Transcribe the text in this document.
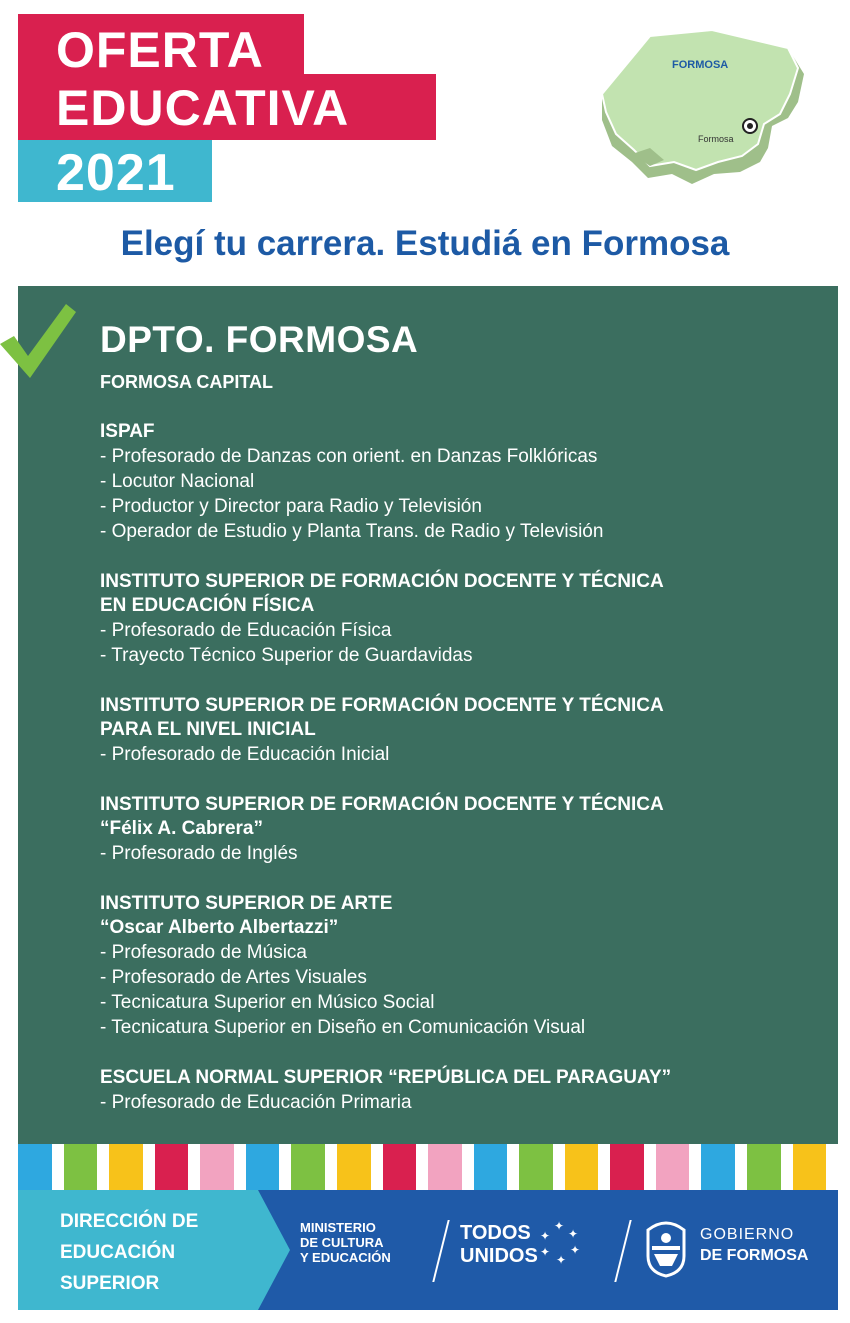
OFERTA
EDUCATIVA
2021
FORMOSA
Formosa
Elegí tu carrera. Estudiá en Formosa
DPTO. FORMOSA
FORMOSA CAPITAL
ISPAF
- Profesorado de Danzas con orient. en Danzas Folklóricas
- Locutor Nacional
- Productor y Director para Radio y Televisión
- Operador de Estudio y Planta Trans. de Radio y Televisión
INSTITUTO SUPERIOR DE FORMACIÓN DOCENTE Y TÉCNICA
EN EDUCACIÓN FÍSICA
- Profesorado de Educación Física
- Trayecto Técnico Superior de Guardavidas
INSTITUTO SUPERIOR DE FORMACIÓN DOCENTE Y TÉCNICA
PARA EL NIVEL INICIAL
- Profesorado de Educación Inicial
INSTITUTO SUPERIOR DE FORMACIÓN DOCENTE Y TÉCNICA
“Félix A. Cabrera”
- Profesorado de Inglés
INSTITUTO SUPERIOR DE ARTE
“Oscar Alberto Albertazzi”
- Profesorado de Música
- Profesorado de Artes Visuales
- Tecnicatura Superior en Músico Social
- Tecnicatura Superior en Diseño en Comunicación Visual
ESCUELA NORMAL SUPERIOR “REPÚBLICA DEL PARAGUAY”
- Profesorado de Educación Primaria
DIRECCIÓN DE
EDUCACIÓN
SUPERIOR
MINISTERIO
DE CULTURA
Y EDUCACIÓN
TODOS
UNIDOS
✦
✦
✦
✦
✦
✦	GOBIERNO
DE FORMOSA
